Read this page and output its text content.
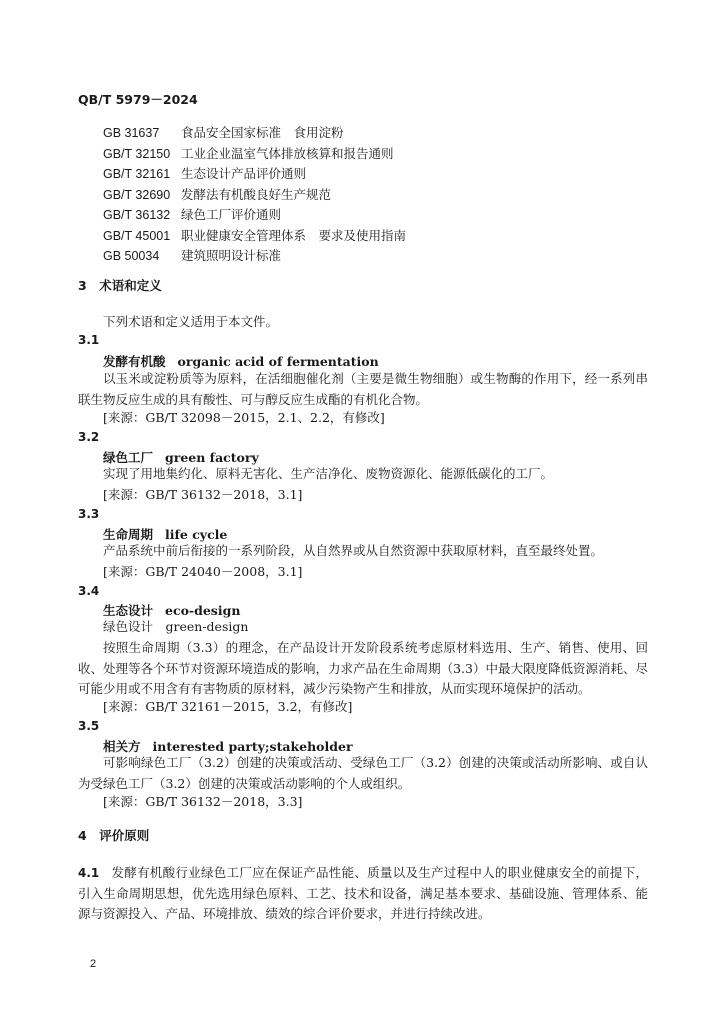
QB/T 5979－2024
GB 31637 食品安全国家标准　食用淀粉
GB/T 32150 工业企业温室气体排放核算和报告通则
GB/T 32161 生态设计产品评价通则
GB/T 32690 发酵法有机酸良好生产规范
GB/T 36132 绿色工厂评价通则
GB/T 45001 职业健康安全管理体系　要求及使用指南
GB 50034 建筑照明设计标准
3　术语和定义
下列术语和定义适用于本文件。
3.1
发酵有机酸 organic acid of fermentation
以玉米或淀粉质等为原料，在活细胞催化剂（主要是微生物细胞）或生物酶的作用下，经一系列串联生物反应生成的具有酸性、可与醇反应生成酯的有机化合物。
[来源：GB/T 32098－2015，2.1、2.2，有修改]
3.2
绿色工厂 green factory
实现了用地集约化、原料无害化、生产洁净化、废物资源化、能源低碳化的工厂。
[来源：GB/T 36132－2018，3.1]
3.3
生命周期 life cycle
产品系统中前后衔接的一系列阶段，从自然界或从自然资源中获取原材料，直至最终处置。
[来源：GB/T 24040－2008，3.1]
3.4
生态设计 eco-design
绿色设计　green-design
按照生命周期（3.3）的理念，在产品设计开发阶段系统考虑原材料选用、生产、销售、使用、回收、处理等各个环节对资源环境造成的影响，力求产品在生命周期（3.3）中最大限度降低资源消耗、尽可能少用或不用含有有害物质的原材料，减少污染物产生和排放，从而实现环境保护的活动。
[来源：GB/T 32161－2015，3.2，有修改]
3.5
相关方 interested party;stakeholder
可影响绿色工厂（3.2）创建的决策或活动、受绿色工厂（3.2）创建的决策或活动所影响、或自认为受绿色工厂（3.2）创建的决策或活动影响的个人或组织。
[来源：GB/T 36132－2018，3.3]
4　评价原则
4.1 发酵有机酸行业绿色工厂应在保证产品性能、质量以及生产过程中人的职业健康安全的前提下，引入生命周期思想，优先选用绿色原料、工艺、技术和设备，满足基本要求、基础设施、管理体系、能源与资源投入、产品、环境排放、绩效的综合评价要求，并进行持续改进。
2
